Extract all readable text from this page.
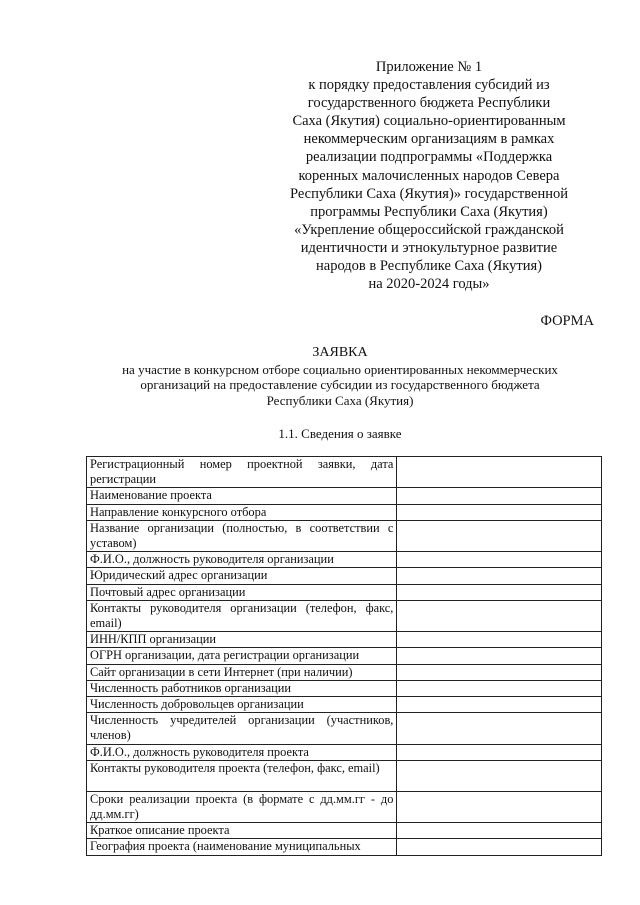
Приложение № 1
к порядку предоставления субсидий из
государственного бюджета Республики
Саха (Якутия) социально-ориентированным
некоммерческим организациям в рамках
реализации подпрограммы «Поддержка
коренных малочисленных народов Севера
Республики Саха (Якутия)» государственной
программы Республики Саха (Якутия)
«Укрепление общероссийской гражданской
идентичности и этнокультурное развитие
народов в Республике Саха (Якутия)
на 2020-2024 годы»
ФОРМА
ЗАЯВКА
на участие в конкурсном отборе социально ориентированных некоммерческих
организаций на предоставление субсидии из государственного бюджета
Республики Саха (Якутия)
1.1. Сведения о заявке
Регистрационный номер проектной заявки, дата регистрации	
Наименование проекта	
Направление конкурсного отбора	
Название организации (полностью, в соответствии с уставом)	
Ф.И.О., должность руководителя организации	
Юридический адрес организации	
Почтовый адрес организации	
Контакты руководителя организации (телефон, факс, email)	
ИНН/КПП организации	
ОГРН организации, дата регистрации организации	
Сайт организации в сети Интернет (при наличии)	
Численность работников организации	
Численность добровольцев организации	
Численность учредителей организации (участников, членов)	
Ф.И.О., должность руководителя проекта	
Контакты руководителя проекта (телефон, факс, email)	
Сроки реализации проекта (в формате с дд.мм.гг - до дд.мм.гг)	
Краткое описание проекта	
География проекта (наименование муниципальных	
